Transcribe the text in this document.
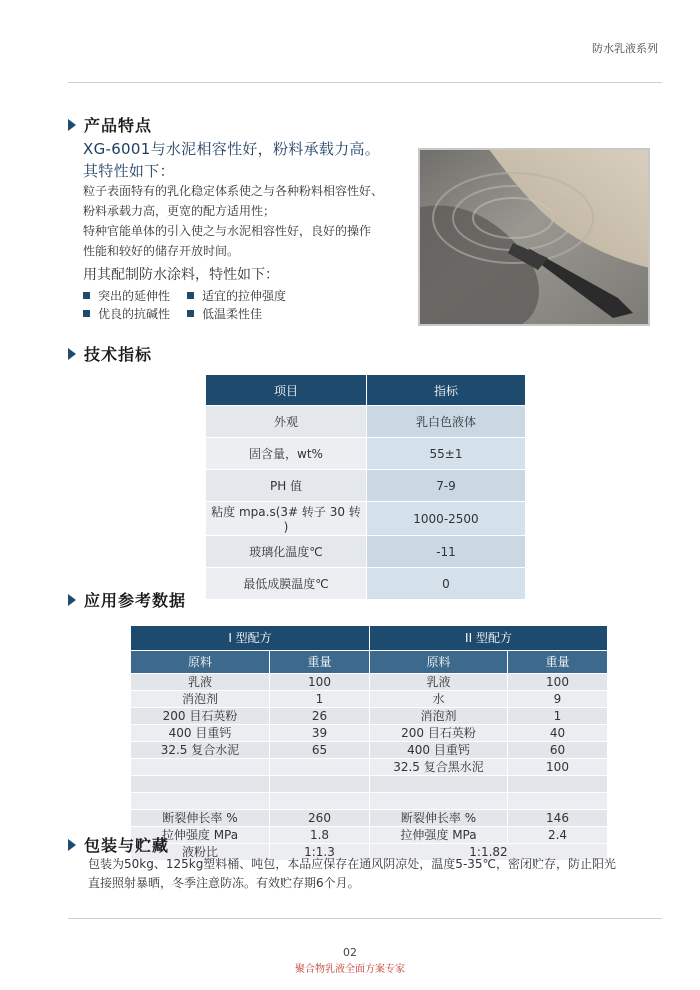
防水乳液系列
产品特点
XG-6001与水泥相容性好，粉料承载力高。
其特性如下：
粒子表面特有的乳化稳定体系使之与各种粉料相容性好、
粉料承载力高，更宽的配方适用性；
特种官能单体的引入使之与水泥相容性好，良好的操作
性能和较好的储存开放时间。
用其配制防水涂料，特性如下：
突出的延伸性	适宜的拉伸强度
优良的抗碱性	低温柔性佳
技术指标
项目	指标
外观	乳白色液体
固含量，wt%	55±1
PH 值	7-9
粘度 mpa.s(3# 转子 30 转 )	1000-2500
玻璃化温度℃	-11
最低成膜温度℃	0
应用参考数据
I 型配方		II 型配方	
原料	重量	原料	重量
乳液	100	乳液	100
消泡剂	1	水	9
200 目石英粉	26	消泡剂	1
400 目重钙	39	200 目石英粉	40
32.5 复合水泥	65	400 目重钙	60
		32.5 复合黑水泥	100

断裂伸长率 %	260	断裂伸长率 %	146
拉伸强度 MPa	1.8	拉伸强度 MPa	2.4
液粉比	1:1.3	1:1.82	
包装与贮藏
包装为50kg、125kg塑料桶、吨包，本品应保存在通风阴凉处，温度5-35℃，密闭贮存，防止阳光直接照射暴晒，冬季注意防冻。有效贮存期6个月。
02
聚合物乳液全面方案专家
